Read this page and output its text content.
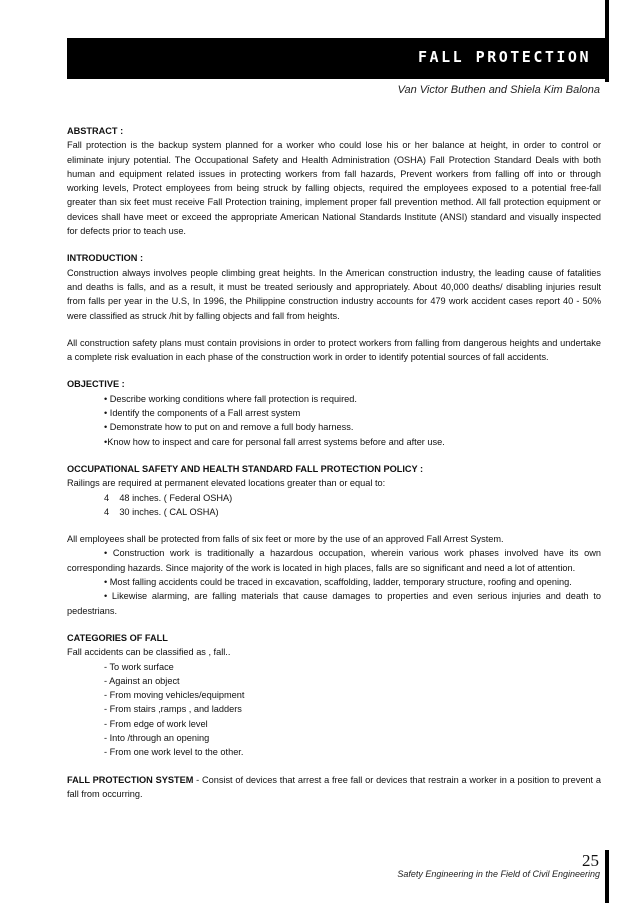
FALL PROTECTION
Van Victor Buthen and Shiela Kim Balona

ABSTRACT :

Fall protection is the backup system planned for a worker who could lose his or her balance at height, in order to control or eliminate injury potential. The Occupational Safety and Health Administration (OSHA) Fall Protection Standard Deals with both human and equipment related issues in protecting workers from fall hazards, Prevent workers from falling off into or through working levels, Protect employees from being struck by falling objects, required the employees exposed to a potential free-fall greater than six feet must receive Fall Protection training, implement proper fall prevention method. All fall protection equipment or devices shall have meet or exceed the appropriate American National Standards Institute (ANSI) standard and visually inspected for defects prior to teach use.

INTRODUCTION :

Construction always involves people climbing great heights. In the American construction industry, the leading cause of fatalities and deaths is falls, and as a result, it must be treated seriously and appropriately. About 40,000 deaths/ disabling injuries result from falls per year in the U.S, In 1996, the Philippine construction industry accounts for 479 work accident cases report 40 - 50% were classified as struck /hit by falling objects and fall from heights.

All construction safety plans must contain provisions in order to protect workers from falling from dangerous heights and undertake a complete risk evaluation in each phase of the construction work in order to identify potential sources of fall accidents.

OBJECTIVE :

• Describe working conditions where fall protection is required.

• Identify the components of a Fall arrest system

• Demonstrate how to put on and remove a full body harness.

•Know how to inspect and care for personal fall arrest systems before and after use.

OCCUPATIONAL SAFETY AND HEALTH STANDARD FALL PROTECTION POLICY :

Railings are required at permanent elevated locations greater than or equal to:

4    48 inches. ( Federal OSHA)

4    30 inches. ( CAL OSHA)

All employees shall be protected from falls of six feet or more by the use of an approved Fall Arrest System.

• Construction work is traditionally a hazardous occupation, wherein various work phases involved have its own corresponding hazards. Since majority of the work is located in high places, falls are so significant and need a lot of attention.

• Most falling accidents could be traced in excavation, scaffolding, ladder, temporary structure, roofing and opening.

• Likewise alarming, are falling materials that cause damages to properties and even serious injuries and death to pedestrians.

CATEGORIES OF FALL

Fall accidents can be classified as , fall..

- To work surface

- Against an object

- From moving vehicles/equipment

- From stairs ,ramps , and ladders

- From edge of work level

- Into /through an opening

- From one work level to the other.

FALL PROTECTION SYSTEM - Consist of devices that arrest a free fall or devices that restrain a worker in a position to prevent a fall from occurring.

25
Safety Engineering in the Field of Civil Engineering
